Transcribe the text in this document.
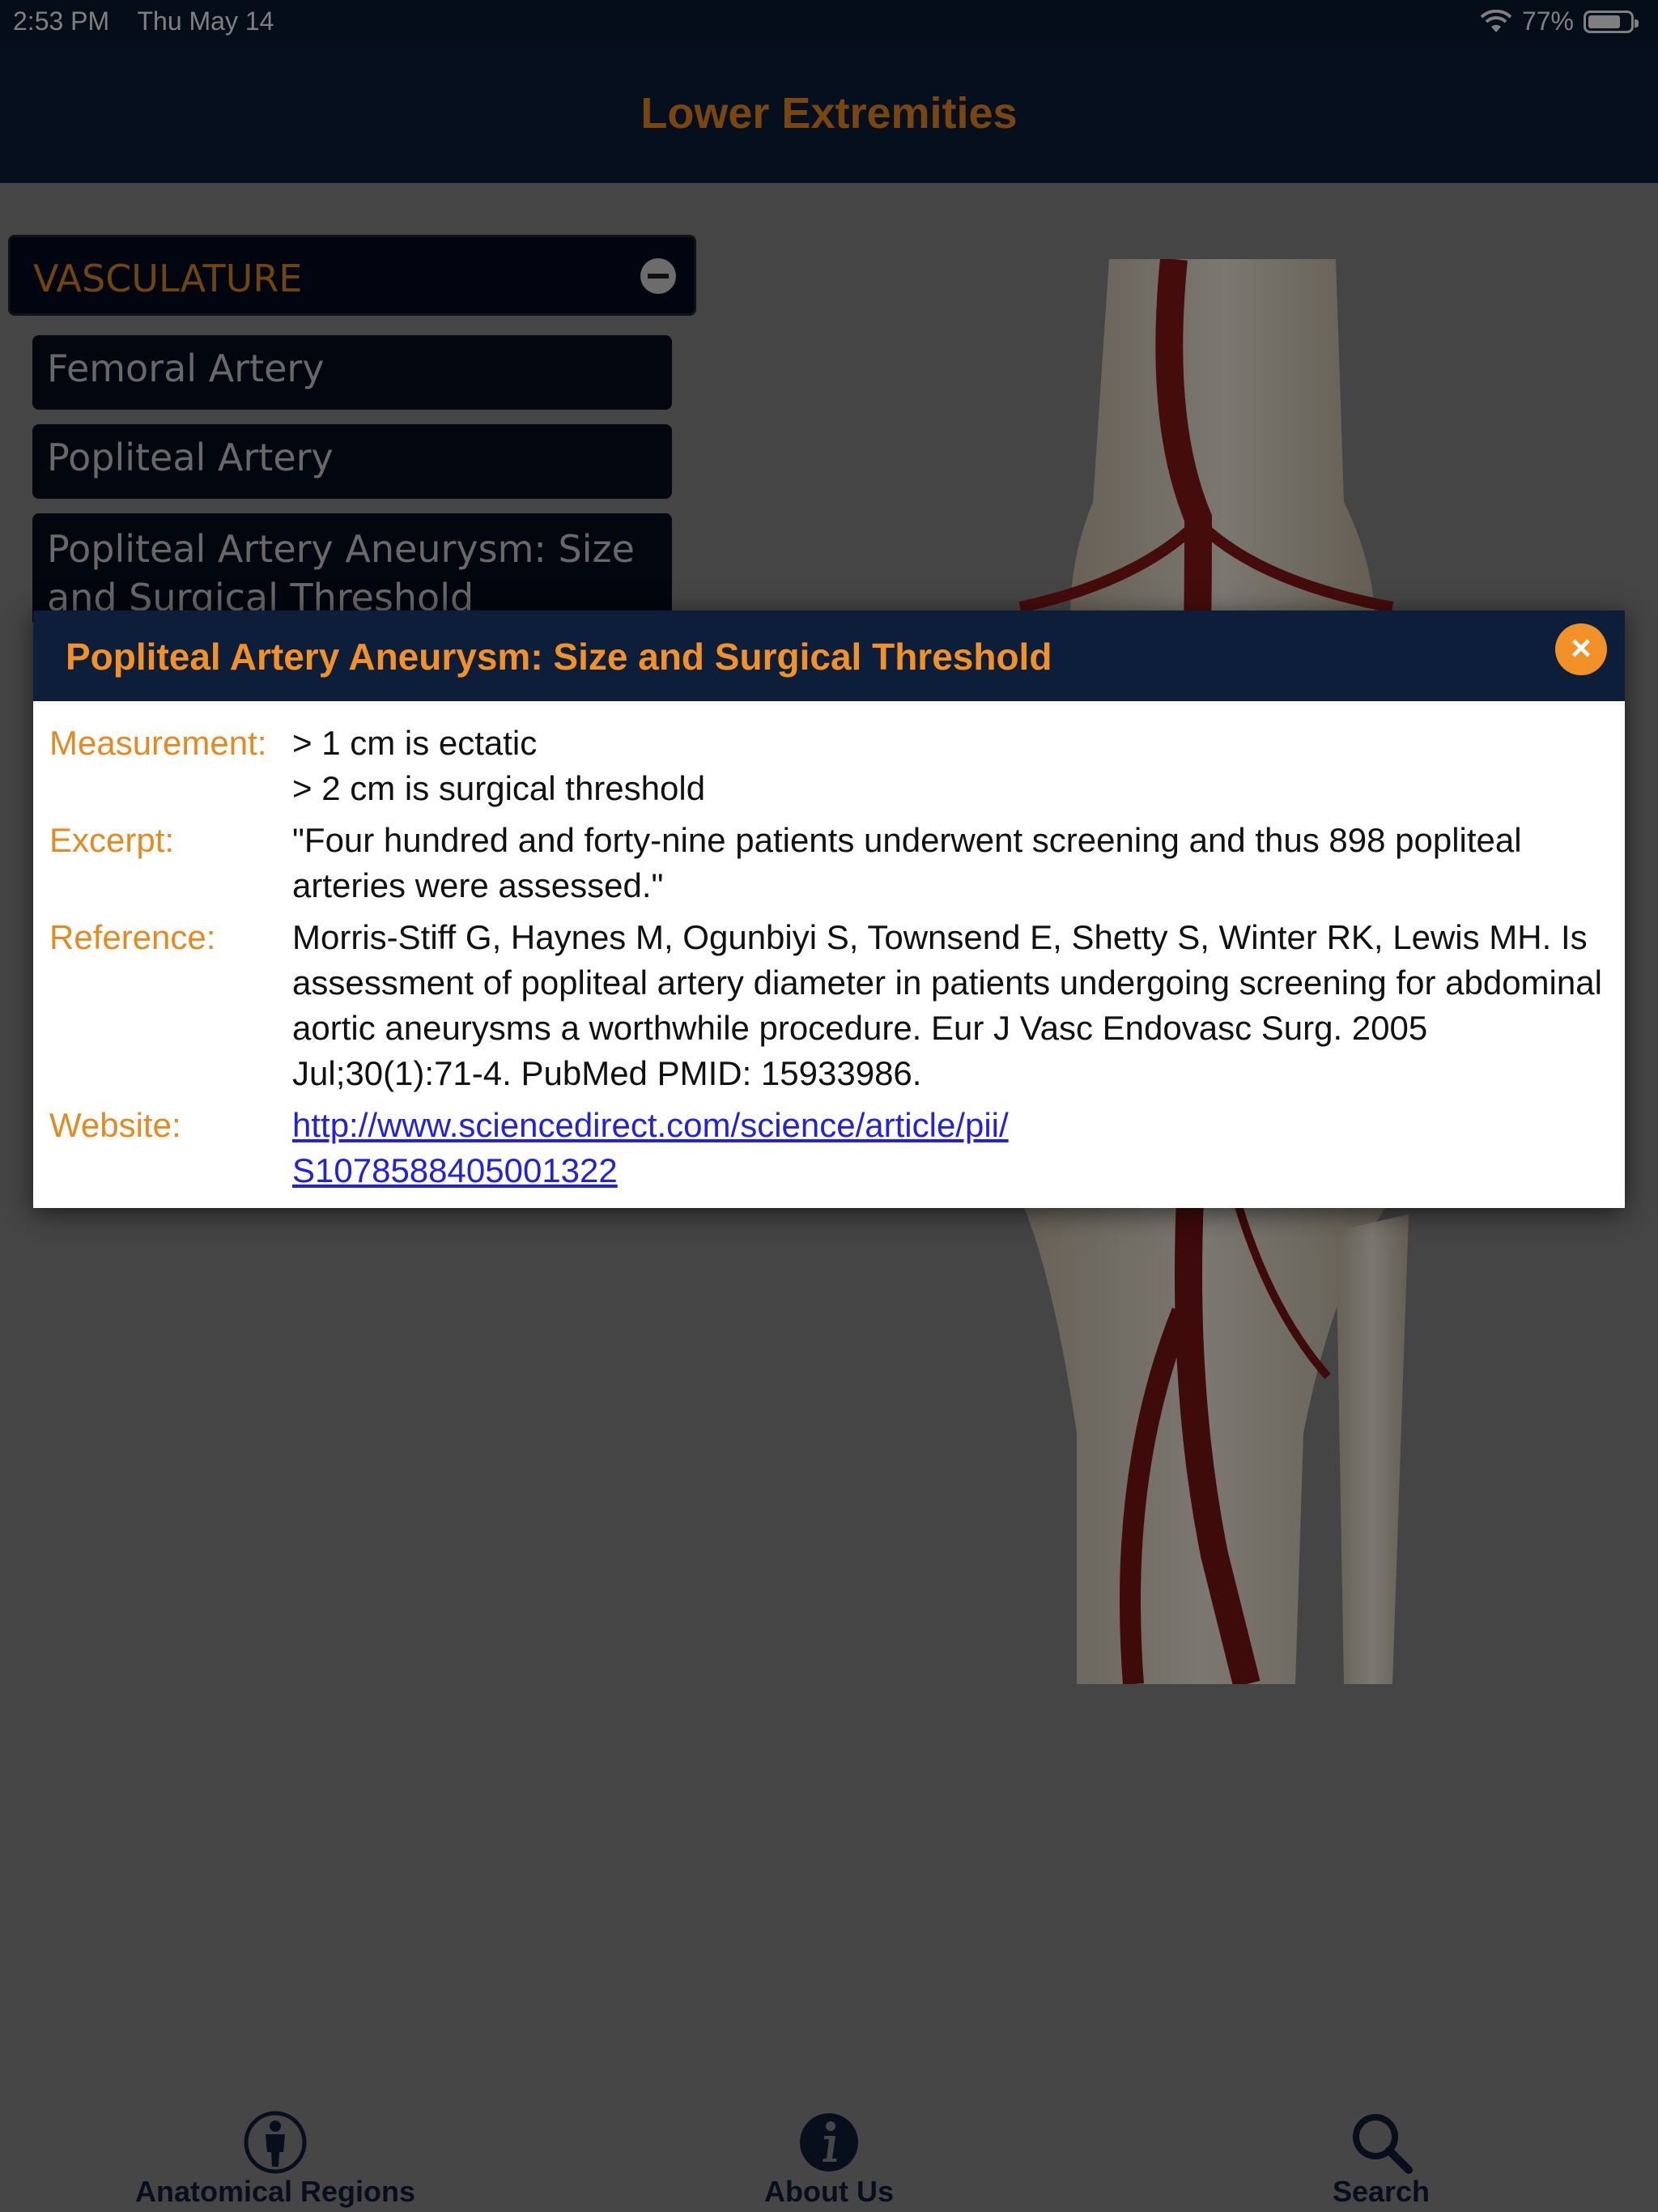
Popliteal Artery Aneurysm: Size and Surgical Threshold	×
Measurement: > 1 cm is ectatic
> 2 cm is surgical threshold
Excerpt:	"Four hundred and forty-nine patients underwent screening and thus 898 popliteal arteries were assessed."
Reference:	Morris-Stiff G, Haynes M, Ogunbiyi S, Townsend E, Shetty S, Winter RK, Lewis MH. Is assessment of popliteal artery diameter in patients undergoing screening for abdominal aortic aneurysms a worthwhile procedure. Eur J Vasc Endovasc Surg. 2005 Jul;30(1):71-4. PubMed PMID: 15933986.
Website:	http://www.sciencedirect.com/science/article/pii/
S1078588405001322
